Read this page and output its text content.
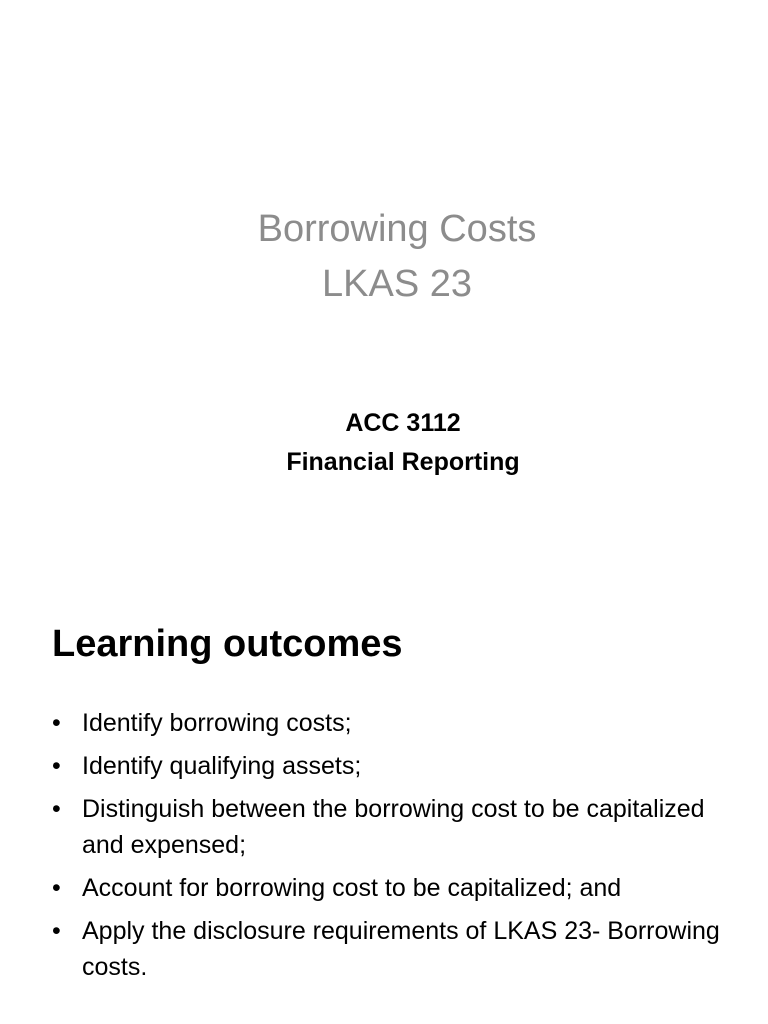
Borrowing Costs
LKAS 23
ACC 3112
Financial Reporting
Learning outcomes
• Identify borrowing costs;
• Identify qualifying assets;
• Distinguish between the borrowing cost to be capitalized and expensed;
• Account for borrowing cost to be capitalized; and
• Apply the disclosure requirements of LKAS 23- Borrowing costs.
